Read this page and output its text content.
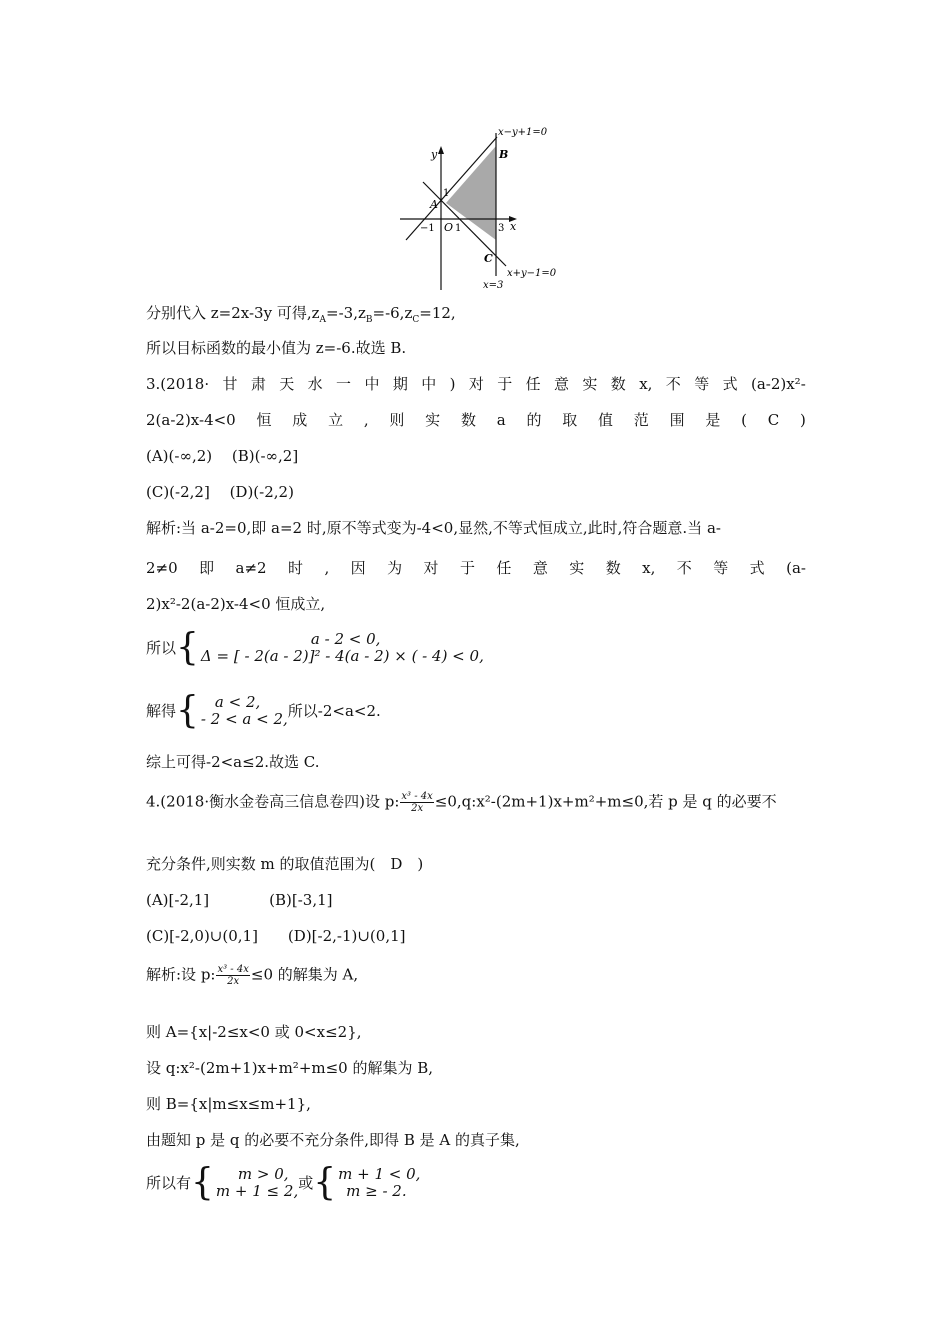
x−y+1=0
x+y−1=0
x=3
y
x
A
B
C
O
−1 1	3
1
分别代入 z=2x-3y 可得$,z_A=-3,z_B=-6,z_C=12$,
所以目标函数的最小值为 z=-6.故选 B.
3.(2018· 甘 肃 天 水 一 中 期 中 ) 对 于 任 意 实 数 x, 不 等 式 (a-2)x²-
2(a-2)x-4<0 恒 成 立 , 则 实 数 a 的 取 值 范 围 是 ( C )
(A)(-∞,2)　 (B)(-∞,2]
(C)(-2,2]　 (D)(-2,2)
解析:当 a-2=0,即 a=2 时,原不等式变为-4<0,显然,不等式恒成立,此时,符合题意.当 a-
2≠0 即 a≠2 时 , 因 为 对 于 任 意 实 数 x, 不 等 式 (a-
2)x²-2(a-2)x-4<0 恒成立,
所以 {	a - 2 < 0,
Δ = [ - 2(a - 2)]² - 4(a - 2) × ( - 4) < 0,
解得 {	a < 2,
- 2 < a < 2, 所以-2<a<2.
综上可得-2<a≤2.故选 C.
4.(2018·衡水金卷高三信息卷四)设 p: $\frac{\text{x³ - 4x}}{2x}$ ≤0,q:x²-(2m+1)x+m²+m≤0,若 p 是 q 的必要不
充分条件,则实数 m 的取值范围为(　D　)
(A)[-2,1]　　　　(B)[-3,1]
(C)[-2,0)∪(0,1]　　(D)[-2,-1)∪(0,1]
解析:设 p: $\frac{\text{x³ - 4x}}{2x} \le 0$ 的解集为 A,
则 A={x|-2≤x<0 或 0<x≤2},
设 q:x²-(2m+1)x+m²+m≤0 的解集为 B,
则 B={x|m≤x≤m+1},
由题知 p 是 q 的必要不充分条件,即得 B 是 A 的真子集,
所以有 {	m > 0,
m + 1 ≤ 2, 或 { m + 1 < 0,
m ≥ - 2.
